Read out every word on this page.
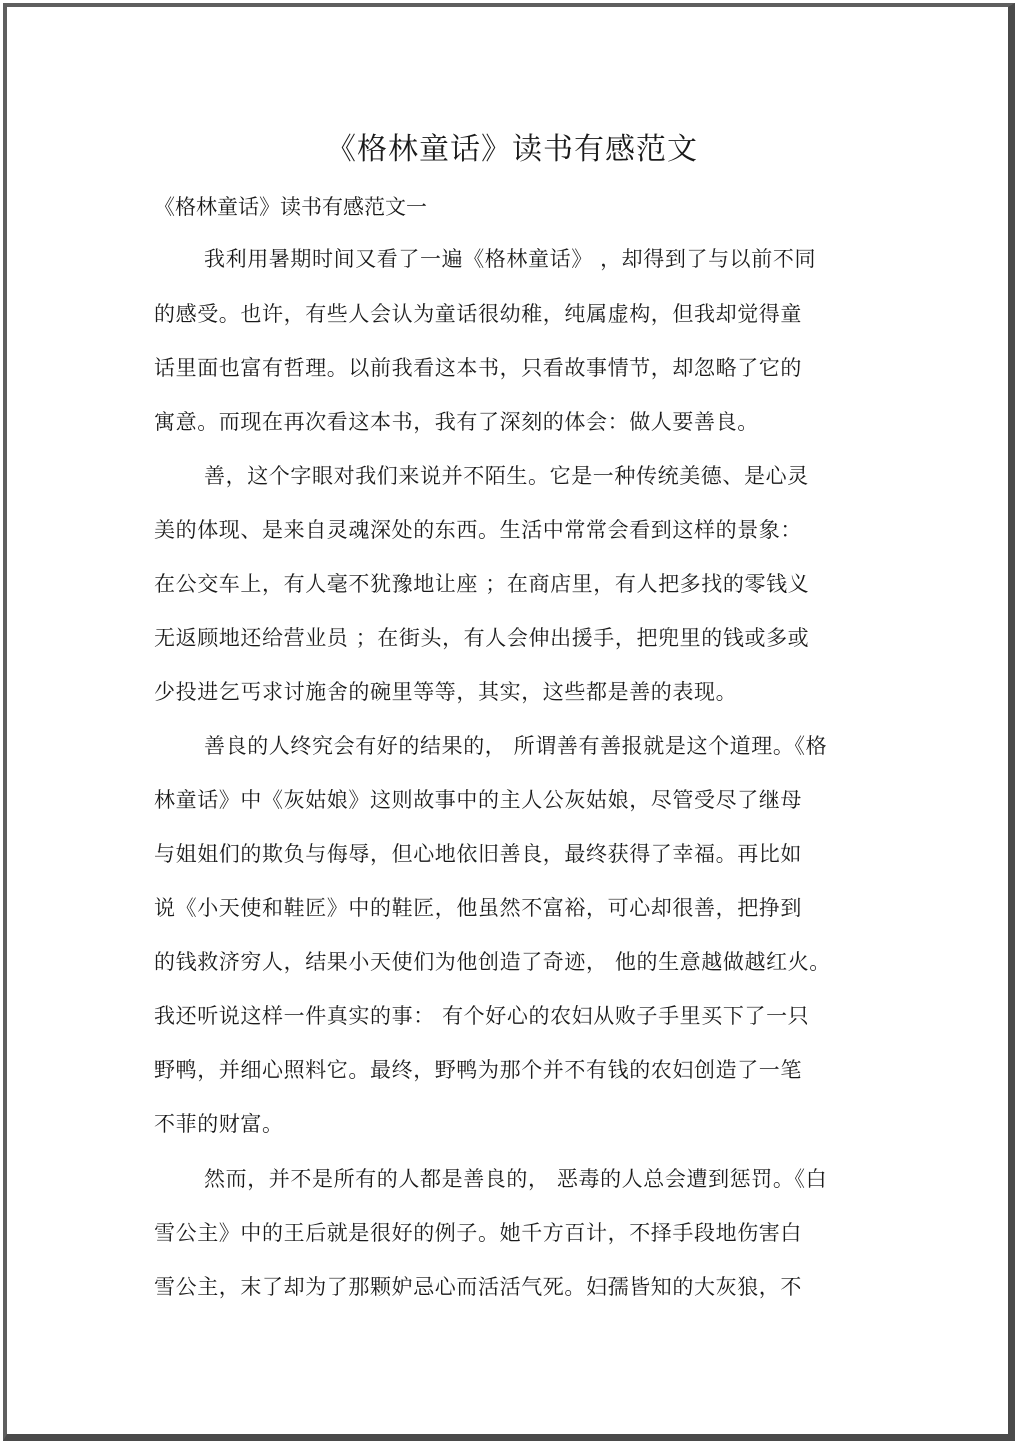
《格林童话》读书有感范文
《格林童话》读书有感范文一
我利用暑期时间又看了一遍《格林童话》 ，却得到了与以前不同
的感受。也许，有些人会认为童话很幼稚，纯属虚构，但我却觉得童
话里面也富有哲理。以前我看这本书，只看故事情节，却忽略了它的
寓意。而现在再次看这本书，我有了深刻的体会：做人要善良。
善，这个字眼对我们来说并不陌生。它是一种传统美德、是心灵
美的体现、是来自灵魂深处的东西。生活中常常会看到这样的景象：
在公交车上，有人毫不犹豫地让座 ；在商店里，有人把多找的零钱义
无返顾地还给营业员 ；在街头，有人会伸出援手，把兜里的钱或多或
少投进乞丐求讨施舍的碗里等等，其实，这些都是善的表现。
善良的人终究会有好的结果的， 所谓善有善报就是这个道理。《格
林童话》中《灰姑娘》这则故事中的主人公灰姑娘，尽管受尽了继母
与姐姐们的欺负与侮辱，但心地依旧善良，最终获得了幸福。再比如
说《小天使和鞋匠》中的鞋匠，他虽然不富裕，可心却很善，把挣到
的钱救济穷人，结果小天使们为他创造了奇迹， 他的生意越做越红火。
我还听说这样一件真实的事： 有个好心的农妇从败子手里买下了一只
野鸭，并细心照料它。最终，野鸭为那个并不有钱的农妇创造了一笔
不菲的财富。
然而，并不是所有的人都是善良的， 恶毒的人总会遭到惩罚。《白
雪公主》中的王后就是很好的例子。她千方百计，不择手段地伤害白
雪公主，末了却为了那颗妒忌心而活活气死。妇孺皆知的大灰狼，不
